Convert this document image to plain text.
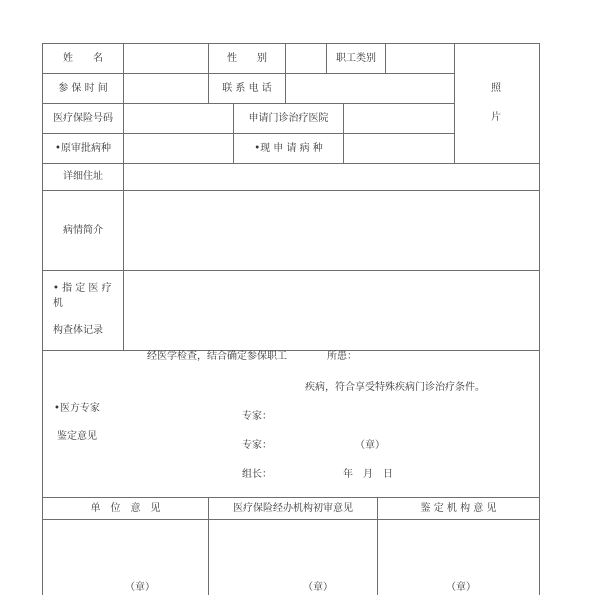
姓　　名	性　　别	职工类别
照
片
参 保 时 间	联 系 电 话
医疗保险号码	申请门诊治疗医院
•原审批病种	•现 申 请 病 种
详细住址
病情简介
• 指 定 医 疗
机
构查体记录
•医方专家
鉴定意见
经医学检查，结合确定参保职工　　　　所患：
疾病，符合享受特殊疾病门诊治疗条件。
专家：
专家：	（章）
组长：	年　月　日
单　位　意　见	医疗保险经办机构初审意见	鉴 定 机 构 意 见
（章）	（章）	（章）
